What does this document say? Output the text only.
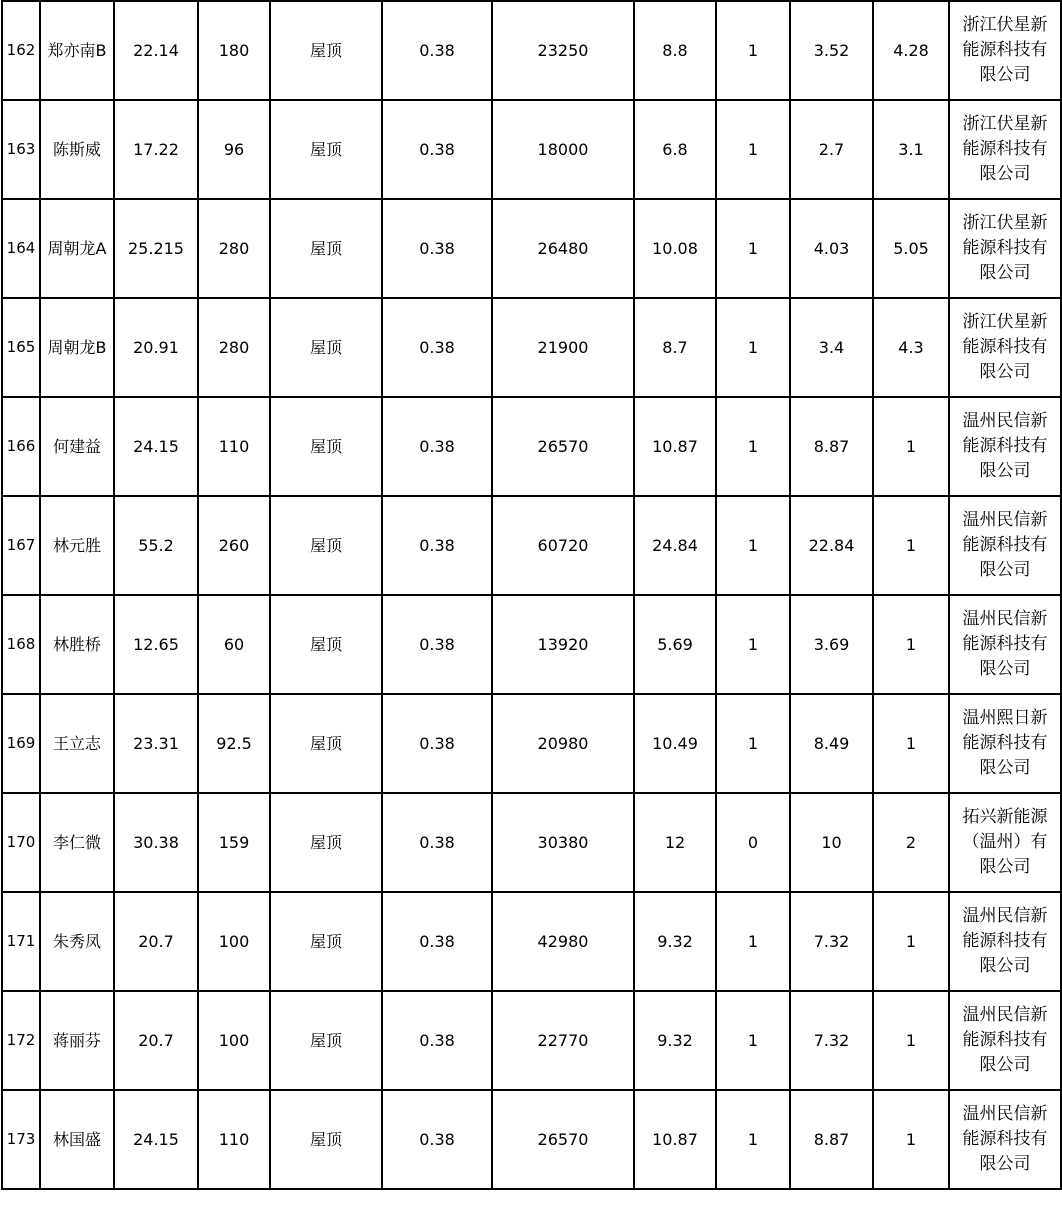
162	郑亦南B	22.14	180	屋顶	0.38	23250	8.8	1	3.52	4.28	浙江伏星新能源科技有限公司
163	陈斯威	17.22	96	屋顶	0.38	18000	6.8	1	2.7	3.1	浙江伏星新能源科技有限公司
164	周朝龙A	25.215	280	屋顶	0.38	26480	10.08	1	4.03	5.05	浙江伏星新能源科技有限公司
165	周朝龙B	20.91	280	屋顶	0.38	21900	8.7	1	3.4	4.3	浙江伏星新能源科技有限公司
166	何建益	24.15	110	屋顶	0.38	26570	10.87	1	8.87	1	温州民信新能源科技有限公司
167	林元胜	55.2	260	屋顶	0.38	60720	24.84	1	22.84	1	温州民信新能源科技有限公司
168	林胜桥	12.65	60	屋顶	0.38	13920	5.69	1	3.69	1	温州民信新能源科技有限公司
169	王立志	23.31	92.5	屋顶	0.38	20980	10.49	1	8.49	1	温州熙日新能源科技有限公司
170	李仁微	30.38	159	屋顶	0.38	30380	12	0	10	2	拓兴新能源（温州）有限公司
171	朱秀凤	20.7	100	屋顶	0.38	42980	9.32	1	7.32	1	温州民信新能源科技有限公司
172	蒋丽芬	20.7	100	屋顶	0.38	22770	9.32	1	7.32	1	温州民信新能源科技有限公司
173	林国盛	24.15	110	屋顶	0.38	26570	10.87	1	8.87	1	温州民信新能源科技有限公司
